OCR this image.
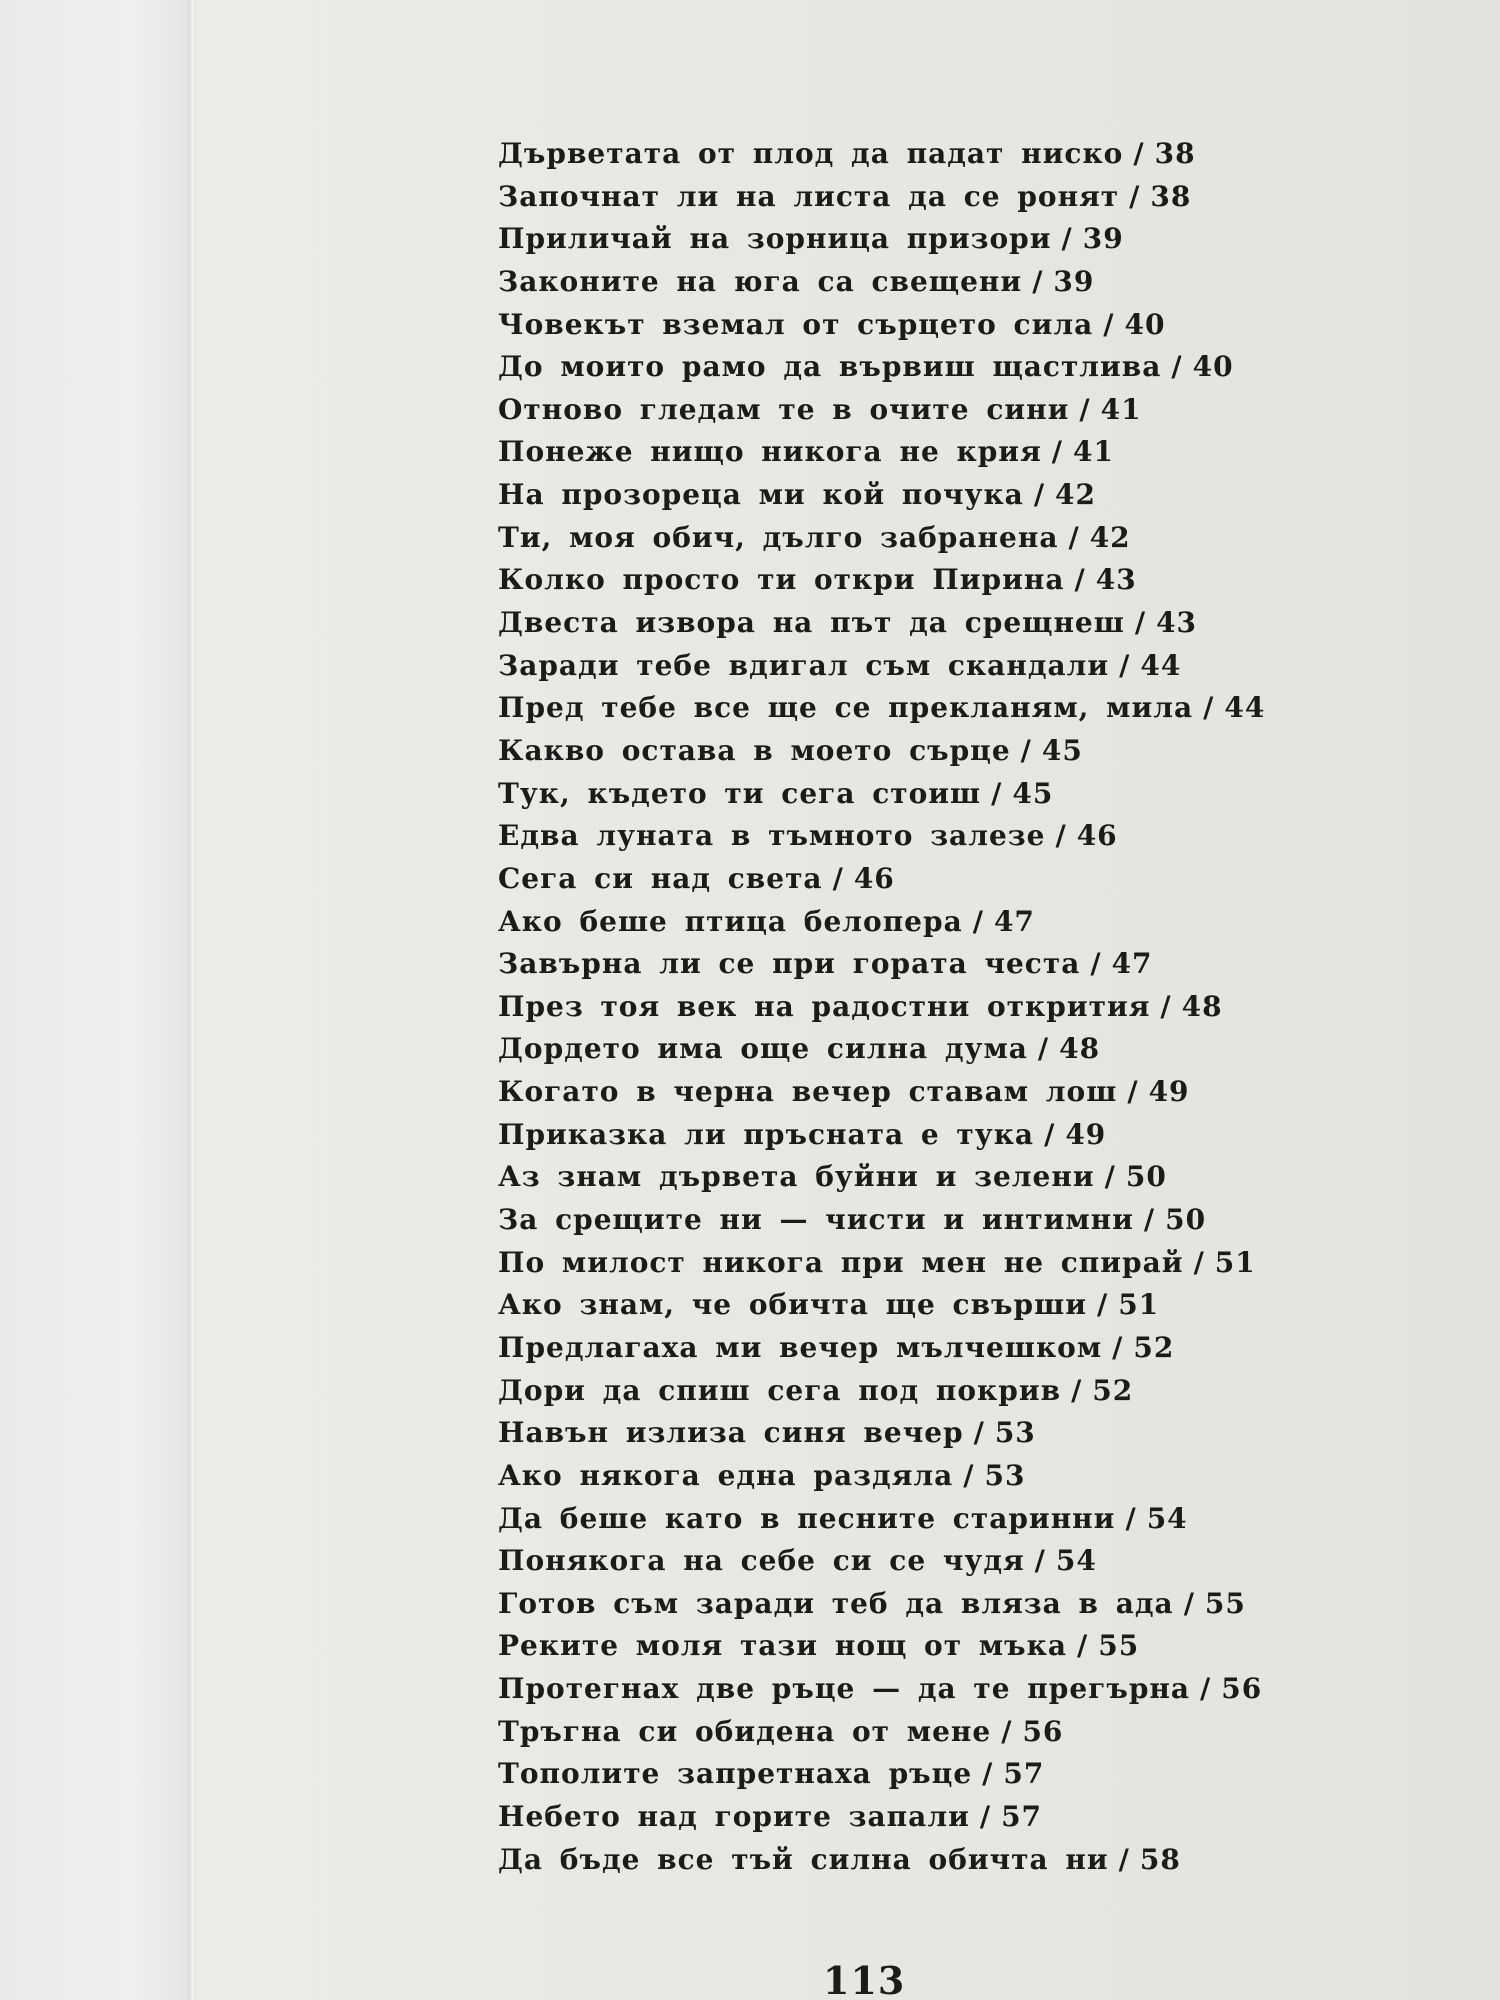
Дърветата от плод да падат ниско / 38
Започнат ли на листа да се ронят / 38
Приличай на зорница призори / 39
Законите на юга са свещени / 39
Човекът вземал от сърцето сила / 40
До моито рамо да вървиш щастлива / 40
Отново гледам те в очите сини / 41
Понеже нищо никога не крия / 41
На прозореца ми кой почука / 42
Ти, моя обич, дълго забранена / 42
Колко просто ти откри Пирина / 43
Двеста извора на път да срещнеш / 43
Заради тебе вдигал съм скандали / 44
Пред тебе все ще се прекланям, мила / 44
Какво остава в моето сърце / 45
Тук, където ти сега стоиш / 45
Едва луната в тъмното залезе / 46
Сега си над света / 46
Ако беше птица белопера / 47
Завърна ли се при горaта честа / 47
През тоя век на радостни открития / 48
Дордето има още силна дума / 48
Когато в черна вечер ставам лош / 49
Приказка ли пръсната е тука / 49
Аз знам дървета буйни и зелени / 50
За срещите ни — чисти и интимни / 50
По милост никога при мен не спирай / 51
Ако знам, че обичта ще свърши / 51
Предлагаха ми вечер мълчешком / 52
Дори да спиш сега под покрив / 52
Навън излиза синя вечер / 53
Ако някога една раздяла / 53
Да беше като в песните старинни / 54
Понякога на себе си се чудя / 54
Готов съм заради теб да вляза в ада / 55
Реките моля тази нощ от мъка / 55
Протегнах две ръце — да те прегърна / 56
Тръгна си обидена от мене / 56
Тополите запретнаха ръце / 57
Небето над горите запали / 57
Да бъде все тъй силна обичта ни / 58
113
